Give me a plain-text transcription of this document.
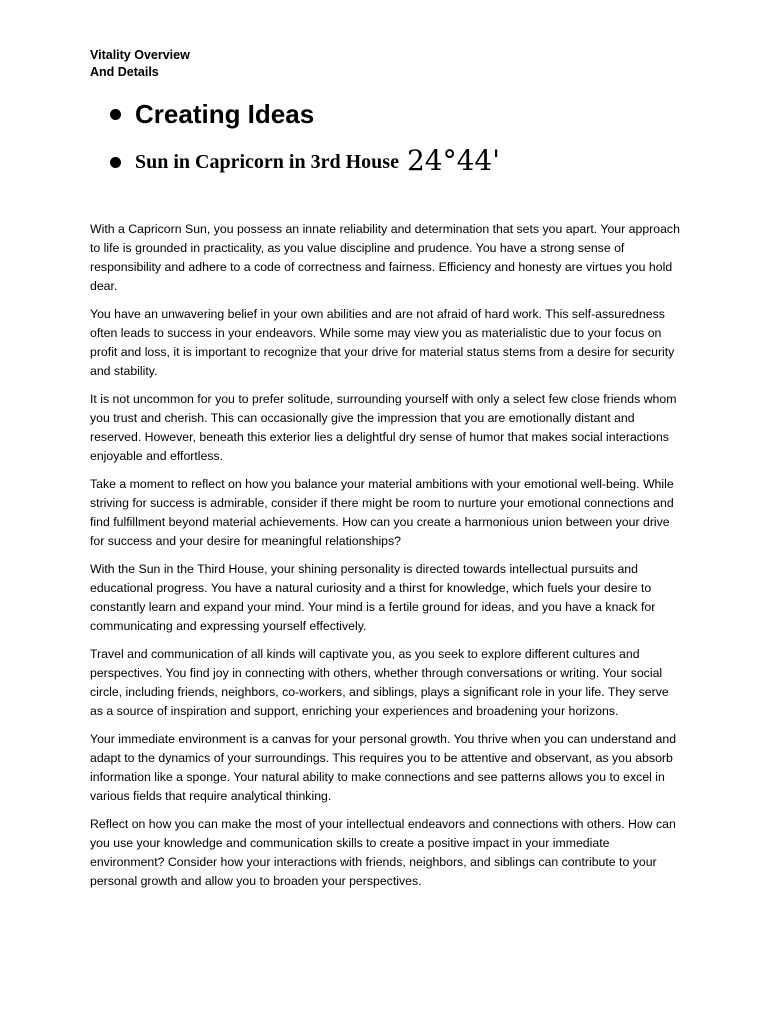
Vitality Overview
And Details
Creating Ideas
Sun in Capricorn in 3rd House 24°44'

With a Capricorn Sun, you possess an innate reliability and determination that sets you apart. Your approach to life is grounded in practicality, as you value discipline and prudence. You have a strong sense of responsibility and adhere to a code of correctness and fairness. Efficiency and honesty are virtues you hold dear.

You have an unwavering belief in your own abilities and are not afraid of hard work. This self-assuredness often leads to success in your endeavors. While some may view you as materialistic due to your focus on profit and loss, it is important to recognize that your drive for material status stems from a desire for security and stability.

It is not uncommon for you to prefer solitude, surrounding yourself with only a select few close friends whom you trust and cherish. This can occasionally give the impression that you are emotionally distant and reserved. However, beneath this exterior lies a delightful dry sense of humor that makes social interactions enjoyable and effortless.

Take a moment to reflect on how you balance your material ambitions with your emotional well-being. While striving for success is admirable, consider if there might be room to nurture your emotional connections and find fulfillment beyond material achievements. How can you create a harmonious union between your drive for success and your desire for meaningful relationships?

With the Sun in the Third House, your shining personality is directed towards intellectual pursuits and educational progress. You have a natural curiosity and a thirst for knowledge, which fuels your desire to constantly learn and expand your mind. Your mind is a fertile ground for ideas, and you have a knack for communicating and expressing yourself effectively.

Travel and communication of all kinds will captivate you, as you seek to explore different cultures and perspectives. You find joy in connecting with others, whether through conversations or writing. Your social circle, including friends, neighbors, co-workers, and siblings, plays a significant role in your life. They serve as a source of inspiration and support, enriching your experiences and broadening your horizons.

Your immediate environment is a canvas for your personal growth. You thrive when you can understand and adapt to the dynamics of your surroundings. This requires you to be attentive and observant, as you absorb information like a sponge. Your natural ability to make connections and see patterns allows you to excel in various fields that require analytical thinking.

Reflect on how you can make the most of your intellectual endeavors and connections with others. How can you use your knowledge and communication skills to create a positive impact in your immediate environment? Consider how your interactions with friends, neighbors, and siblings can contribute to your personal growth and allow you to broaden your perspectives.
